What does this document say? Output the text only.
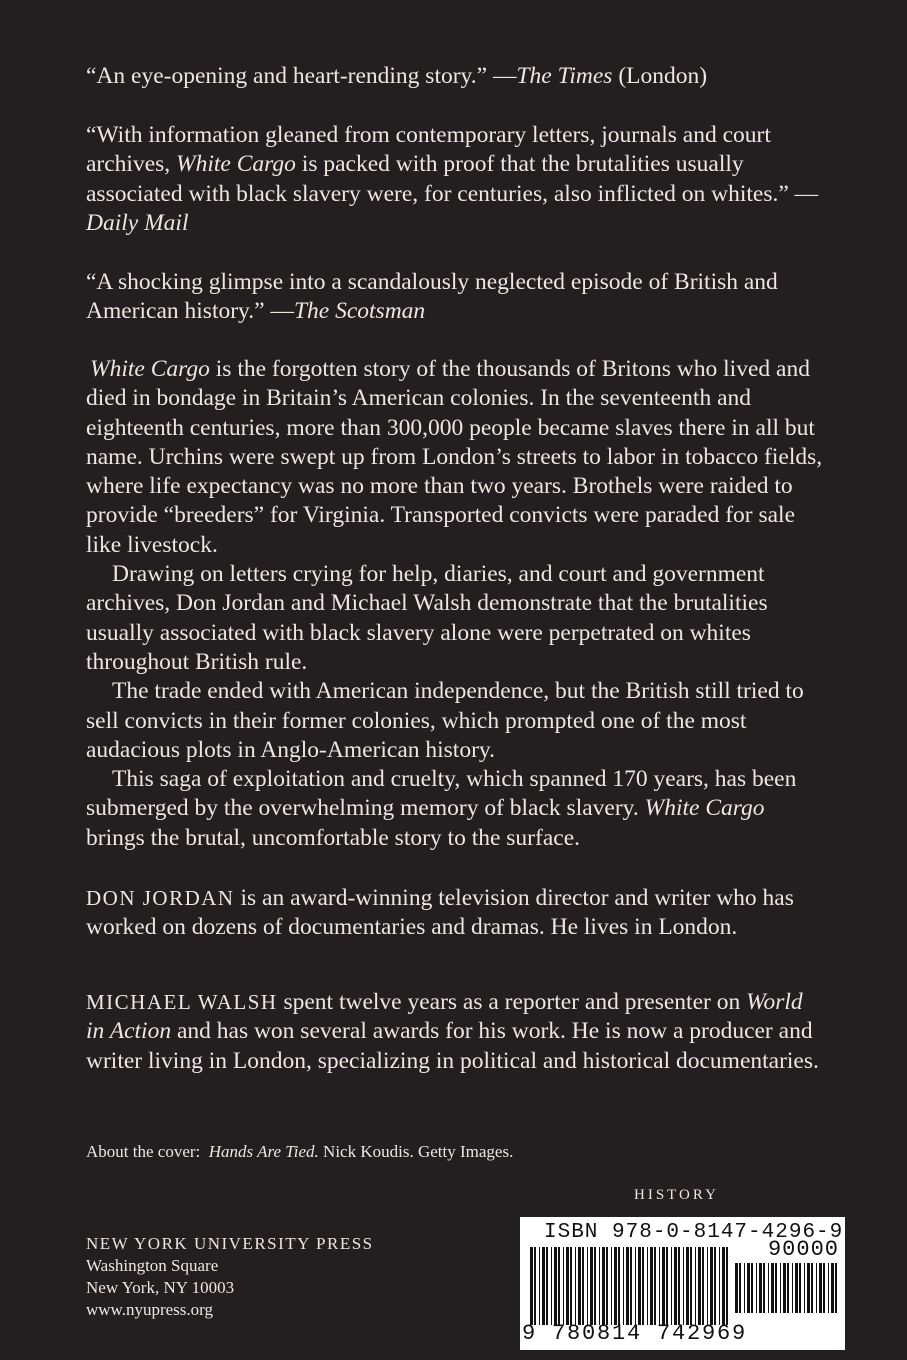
“An eye-opening and heart-rending story.” —The Times (London)

“With information gleaned from contemporary letters, journals and court archives, White Cargo is packed with proof that the brutalities usually associated with black slavery were, for centuries, also inflicted on whites.” —Daily Mail

“A shocking glimpse into a scandalously neglected episode of British and American history.” —The Scotsman

White Cargo is the forgotten story of the thousands of Britons who lived and died in bondage in Britain’s American colonies. In the seventeenth and eighteenth centuries, more than 300,000 people became slaves there in all but name. Urchins were swept up from London’s streets to labor in tobacco fields, where life expectancy was no more than two years. Brothels were raided to provide “breeders” for Virginia. Transported convicts were paraded for sale like livestock.

Drawing on letters crying for help, diaries, and court and government archives, Don Jordan and Michael Walsh demonstrate that the brutalities usually associated with black slavery alone were perpetrated on whites throughout British rule.

The trade ended with American independence, but the British still tried to sell convicts in their former colonies, which prompted one of the most audacious plots in Anglo-American history.

This saga of exploitation and cruelty, which spanned 170 years, has been submerged by the overwhelming memory of black slavery. White Cargo brings the brutal, uncomfortable story to the surface.

DON JORDAN is an award-winning television director and writer who has worked on dozens of documentaries and dramas. He lives in London.

MICHAEL WALSH spent twelve years as a reporter and presenter on World in Action and has won several awards for his work. He is now a producer and writer living in London, specializing in political and historical documentaries.

About the cover: Hands Are Tied. Nick Koudis. Getty Images.

HISTORY
NEW YORK UNIVERSITY PRESS
Washington Square
New York, NY 10003
www.nyupress.org
ISBN 978-0-8147-4296-9
90000
9 780814 742969
